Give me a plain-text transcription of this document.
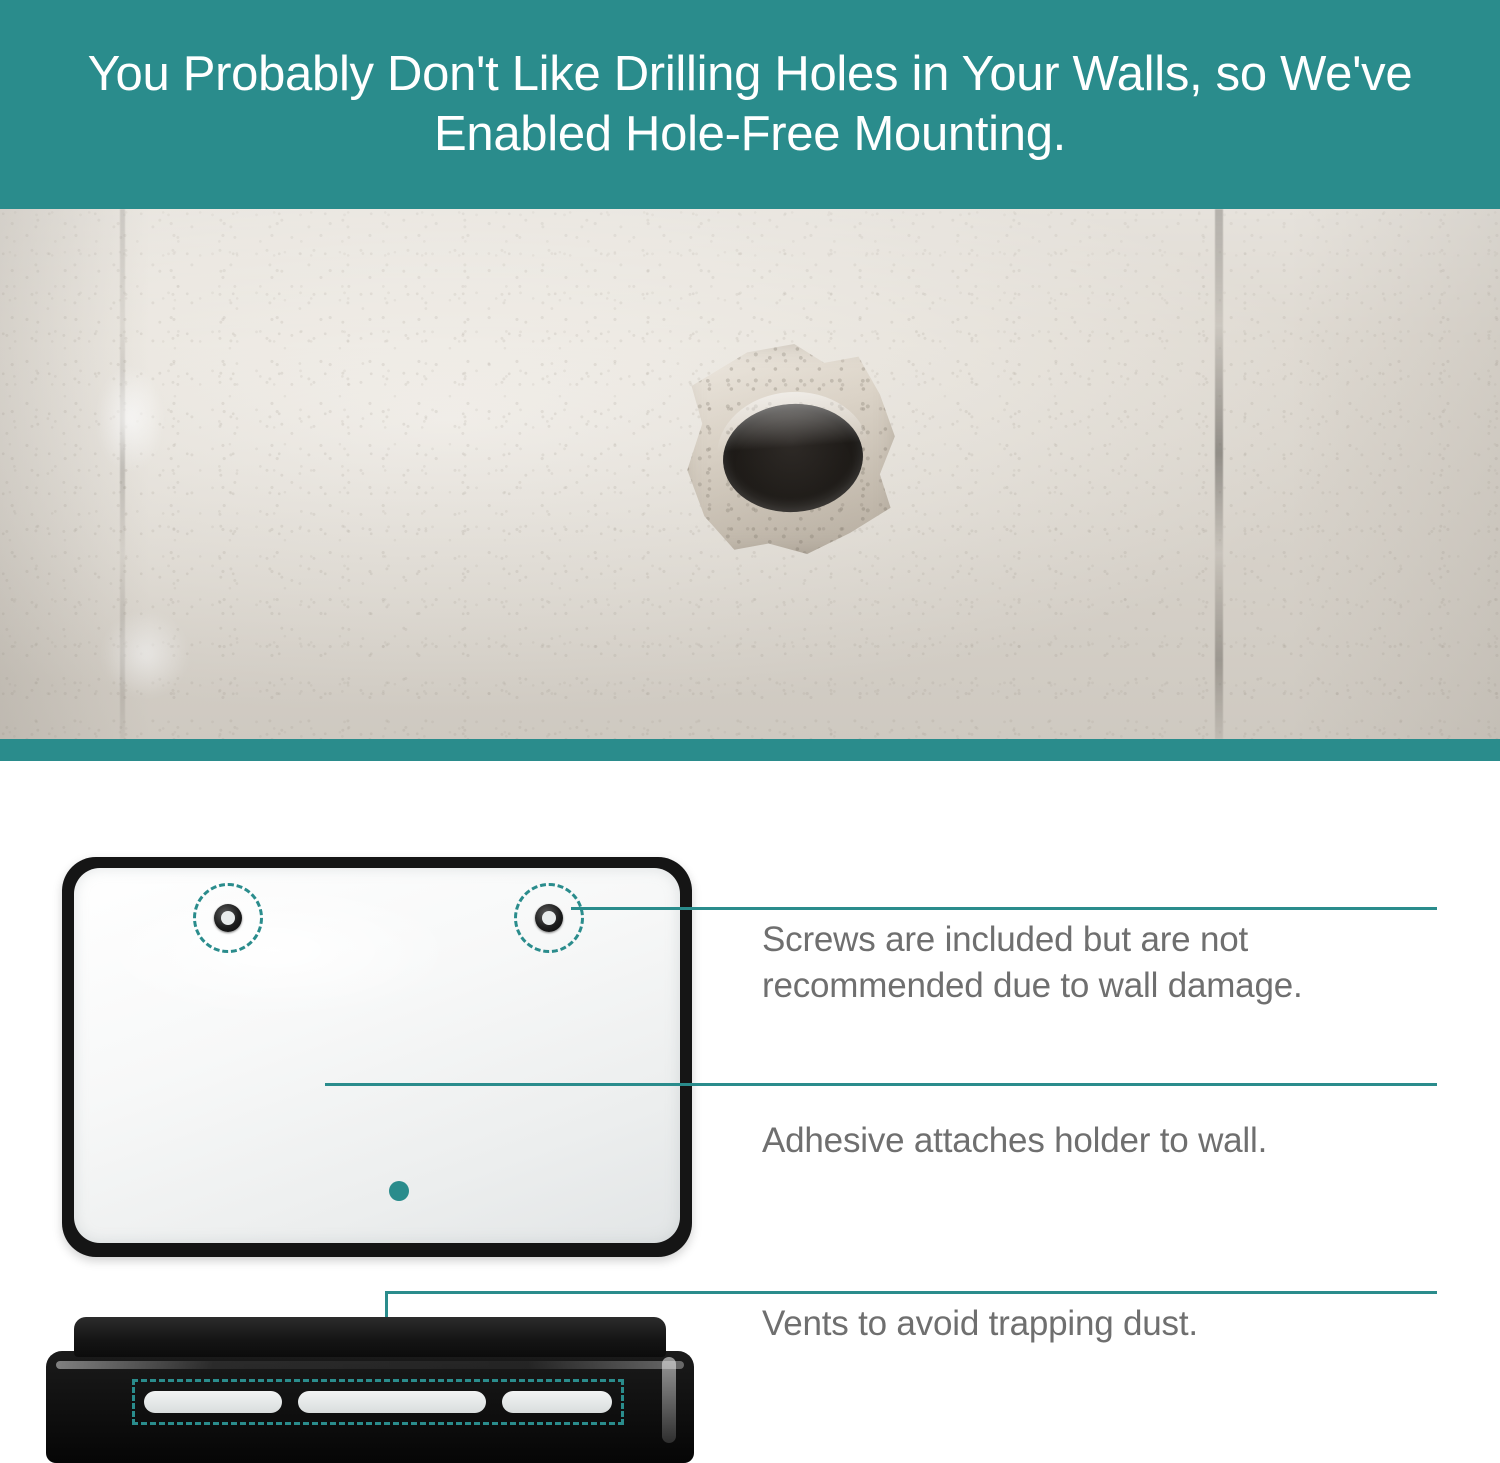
You Probably Don't Like Drilling Holes in Your Walls, so We've Enabled Hole-Free Mounting.
Screws are included but are not recommended due to wall damage.
Adhesive attaches holder to wall.
Vents to avoid trapping dust.
